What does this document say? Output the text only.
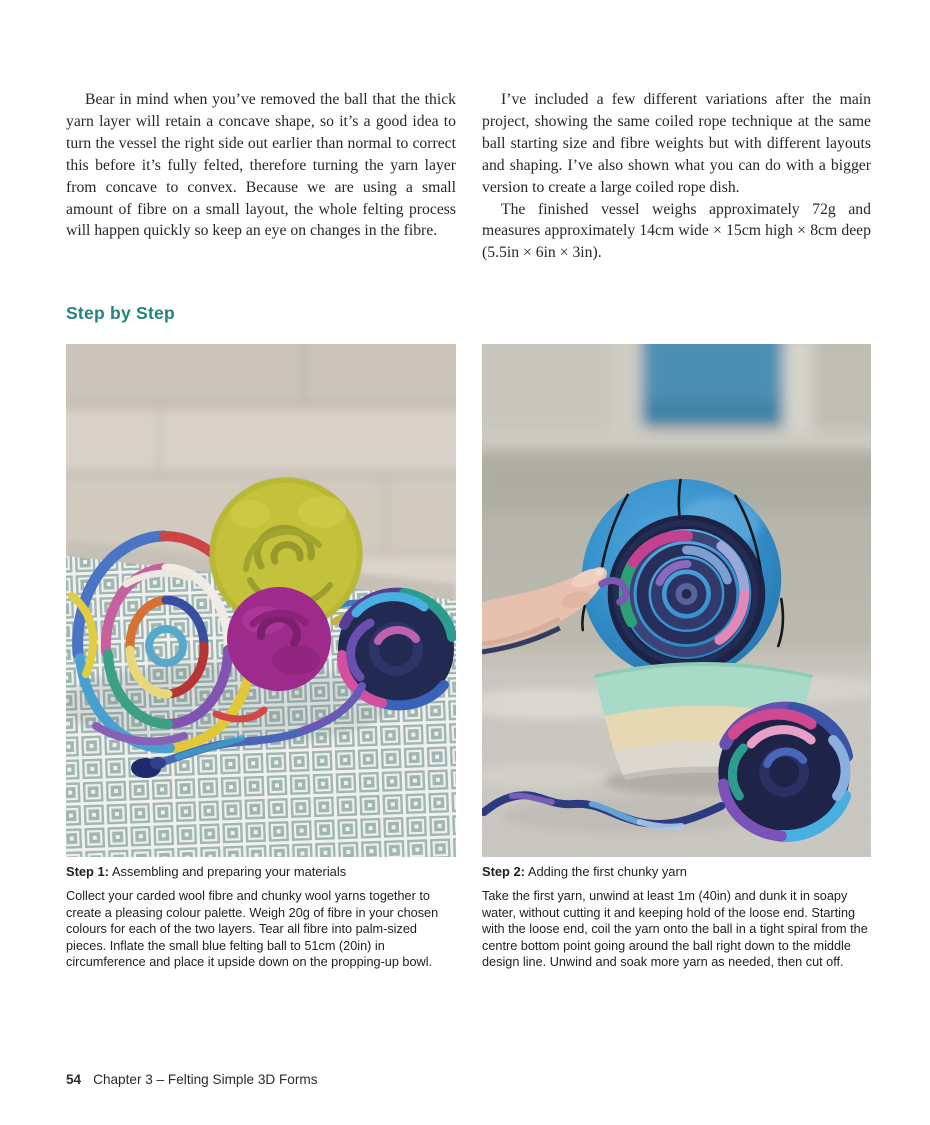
Bear in mind when you’ve removed the ball that the thick yarn layer will retain a concave shape, so it’s a good idea to turn the vessel the right side out earlier than normal to correct this before it’s fully felted, therefore turning the yarn layer from concave to convex. Because we are using a small amount of fibre on a small layout, the whole felting process will happen quickly so keep an eye on changes in the fibre.

I’ve included a few different variations after the main project, showing the same coiled rope technique at the same ball starting size and fibre weights but with different layouts and shaping. I’ve also shown what you can do with a bigger version to create a large coiled rope dish.

The finished vessel weighs approximately 72g and measures approximately 14cm wide × 15cm high × 8cm deep (5.5in × 6in × 3in).

Step by Step
Step 1: Assembling and preparing your materials
Collect your carded wool fibre and chunky wool yarns together to create a pleasing colour palette. Weigh 20g of fibre in your chosen colours for each of the two layers. Tear all fibre into palm-sized pieces. Inflate the small blue felting ball to 51cm (20in) in circumference and place it upside down on the propping-up bowl.
Step 2: Adding the first chunky yarn
Take the first yarn, unwind at least 1m (40in) and dunk it in soapy water, without cutting it and keeping hold of the loose end. Starting with the loose end, coil the yarn onto the ball in a tight spiral from the centre bottom point going around the ball right down to the middle design line. Unwind and soak more yarn as needed, then cut off.
54 Chapter 3 – Felting Simple 3D Forms
